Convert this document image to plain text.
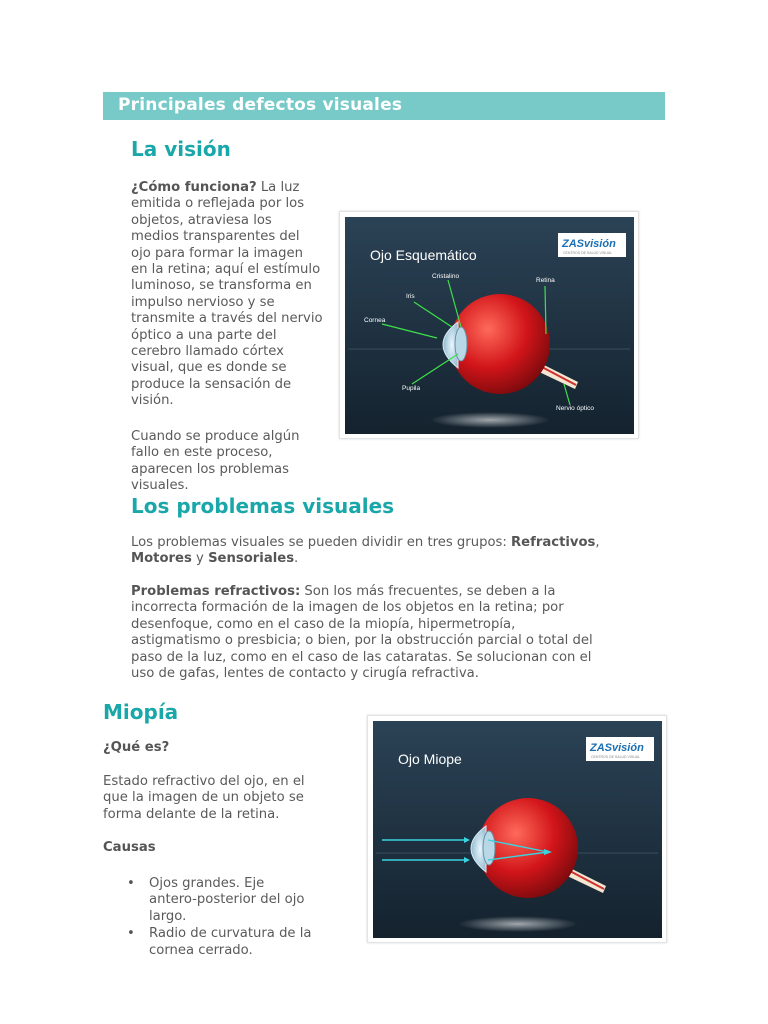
Principales defectos visuales
La visión
¿Cómo funciona? La luz
emitida o reflejada por los
objetos, atraviesa los
medios transparentes del
ojo para formar la imagen
en la retina; aquí el estímulo
luminoso, se transforma en
impulso nervioso y se
transmite a través del nervio
óptico a una parte del
cerebro llamado córtex
visual, que es donde se
produce la sensación de
visión.
Cuando se produce algún
fallo en este proceso,
aparecen los problemas
visuales.
Ojo Esquemático
ZASvisión
CENTROS DE SALUD VISUAL
Cristalino
Iris
Retina
Cornea
Pupila
Nervio óptico
Los problemas visuales
Los problemas visuales se pueden dividir en tres grupos: Refractivos,
Motores y Sensoriales.
Problemas refractivos: Son los más frecuentes, se deben a la
incorrecta formación de la imagen de los objetos en la retina; por
desenfoque, como en el caso de la miopía, hipermetropía,
astigmatismo o presbicia; o bien, por la obstrucción parcial o total del
paso de la luz, como en el caso de las cataratas. Se solucionan con el
uso de gafas, lentes de contacto y cirugía refractiva.
Miopía
¿Qué es?
Estado refractivo del ojo, en el
que la imagen de un objeto se
forma delante de la retina.
Causas
• Ojos grandes. Eje
antero-posterior del ojo
largo.
• Radio de curvatura de la
cornea cerrado.
Ojo Miope
ZASvisión
CENTROS DE SALUD VISUAL
